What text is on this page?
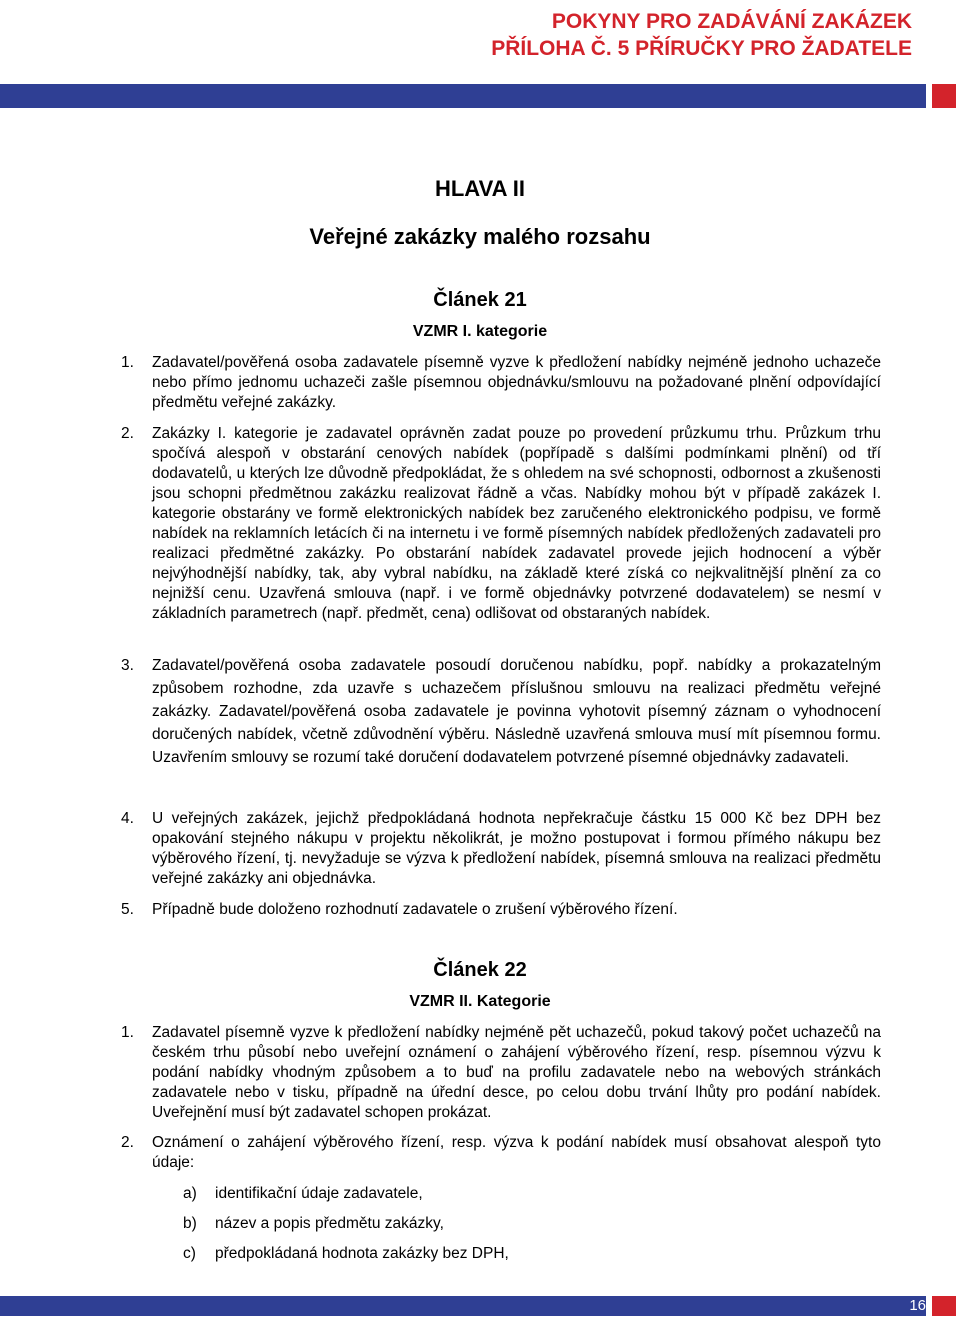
POKYNY PRO ZADÁVÁNÍ ZAKÁZEK
PŘÍLOHA Č. 5 PŘÍRUČKY PRO ŽADATELE
HLAVA II
Veřejné zakázky malého rozsahu
Článek 21
VZMR I. kategorie
1. Zadavatel/pověřená osoba zadavatele písemně vyzve k předložení nabídky nejméně jednoho uchazeče nebo přímo jednomu uchazeči zašle písemnou objednávku/smlouvu na požadované plnění odpovídající předmětu veřejné zakázky.
2. Zakázky I. kategorie je zadavatel oprávněn zadat pouze po provedení průzkumu trhu. Průzkum trhu spočívá alespoň v obstarání cenových nabídek (popřípadě s dalšími podmínkami plnění) od tří dodavatelů, u kterých lze důvodně předpokládat, že s ohledem na své schopnosti, odbornost a zkušenosti jsou schopni předmětnou zakázku realizovat řádně a včas. Nabídky mohou být v případě zakázek I. kategorie obstarány ve formě elektronických nabídek bez zaručeného elektronického podpisu, ve formě nabídek na reklamních letácích či na internetu i ve formě písemných nabídek předložených zadavateli pro realizaci předmětné zakázky. Po obstarání nabídek zadavatel provede jejich hodnocení a výběr nejvýhodnější nabídky, tak, aby vybral nabídku, na základě které získá co nejkvalitnější plnění za co nejnižší cenu. Uzavřená smlouva (např. i ve formě objednávky potvrzené dodavatelem) se nesmí v základních parametrech (např. předmět, cena) odlišovat od obstaraných nabídek.
3. Zadavatel/pověřená osoba zadavatele posoudí doručenou nabídku, popř. nabídky a prokazatelným způsobem rozhodne, zda uzavře s uchazečem příslušnou smlouvu na realizaci předmětu veřejné zakázky. Zadavatel/pověřená osoba zadavatele je povinna vyhotovit písemný záznam o vyhodnocení doručených nabídek, včetně zdůvodnění výběru. Následně uzavřená smlouva musí mít písemnou formu. Uzavřením smlouvy se rozumí také doručení dodavatelem potvrzené písemné objednávky zadavateli.
4. U veřejných zakázek, jejichž předpokládaná hodnota nepřekračuje částku 15 000 Kč bez DPH bez opakování stejného nákupu v projektu několikrát, je možno postupovat i formou přímého nákupu bez výběrového řízení, tj. nevyžaduje se výzva k předložení nabídek, písemná smlouva na realizaci předmětu veřejné zakázky ani objednávka.
5. Případně bude doloženo rozhodnutí zadavatele o zrušení výběrového řízení.
Článek 22
VZMR II. Kategorie
1. Zadavatel písemně vyzve k předložení nabídky nejméně pět uchazečů, pokud takový počet uchazečů na českém trhu působí nebo uveřejní oznámení o zahájení výběrového řízení, resp. písemnou výzvu k podání nabídky vhodným způsobem a to buď na profilu zadavatele nebo na webových stránkách zadavatele nebo v tisku, případně na úřední desce, po celou dobu trvání lhůty pro podání nabídek. Uveřejnění musí být zadavatel schopen prokázat.
2. Oznámení o zahájení výběrového řízení, resp. výzva k podání nabídek musí obsahovat alespoň tyto údaje:
a) identifikační údaje zadavatele,
b) název a popis předmětu zakázky,
c) předpokládaná hodnota zakázky bez DPH,
16
